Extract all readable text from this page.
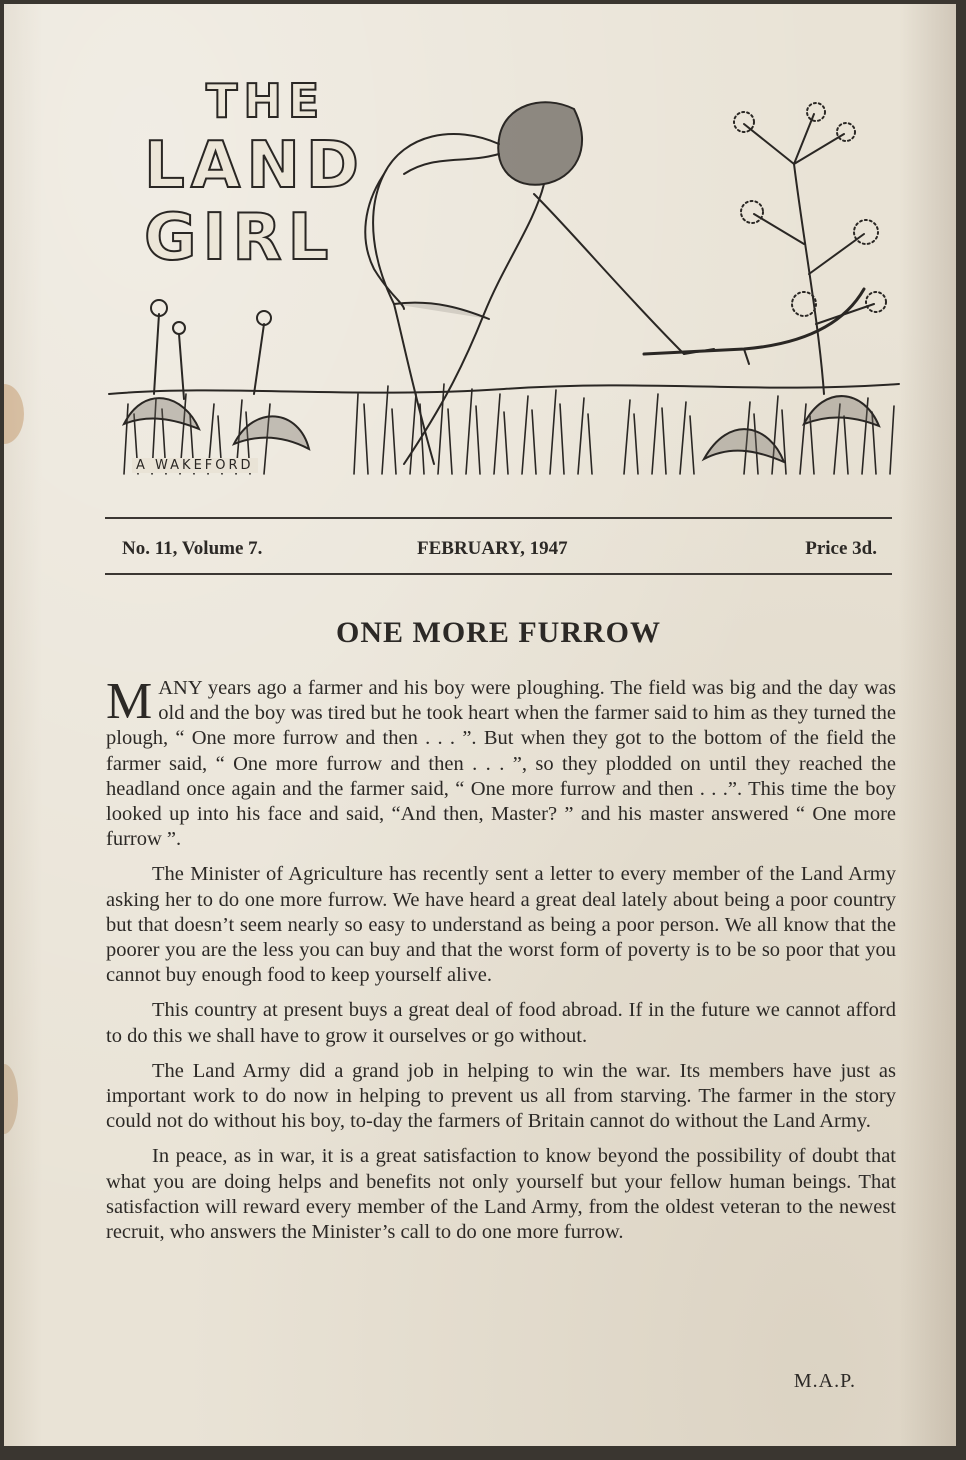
THE
LAND
GIRL
A WAKEFORD
No. 11, Volume 7.	FEBRUARY, 1947	Price 3d.
ONE MORE FURROW

MANY years ago a farmer and his boy were ploughing. The field was big and the day was old and the boy was tired but he took heart when the farmer said to him as they turned the plough, “ One more furrow and then . . . ”. But when they got to the bottom of the field the farmer said, “ One more furrow and then . . . ”, so they plodded on until they reached the headland once again and the farmer said, “ One more furrow and then . . .”. This time the boy looked up into his face and said, “And then, Master? ” and his master answered “ One more furrow ”.

The Minister of Agriculture has recently sent a letter to every member of the Land Army asking her to do one more furrow. We have heard a great deal lately about being a poor country but that doesn’t seem nearly so easy to understand as being a poor person. We all know that the poorer you are the less you can buy and that the worst form of poverty is to be so poor that you cannot buy enough food to keep yourself alive.

This country at present buys a great deal of food abroad. If in the future we cannot afford to do this we shall have to grow it ourselves or go without.

The Land Army did a grand job in helping to win the war. Its members have just as important work to do now in helping to prevent us all from starving. The farmer in the story could not do without his boy, to-day the farmers of Britain cannot do without the Land Army.

In peace, as in war, it is a great satisfaction to know beyond the possibility of doubt that what you are doing helps and benefits not only yourself but your fellow human beings. That satisfaction will reward every member of the Land Army, from the oldest veteran to the newest recruit, who answers the Minister’s call to do one more furrow.

M.A.P.
